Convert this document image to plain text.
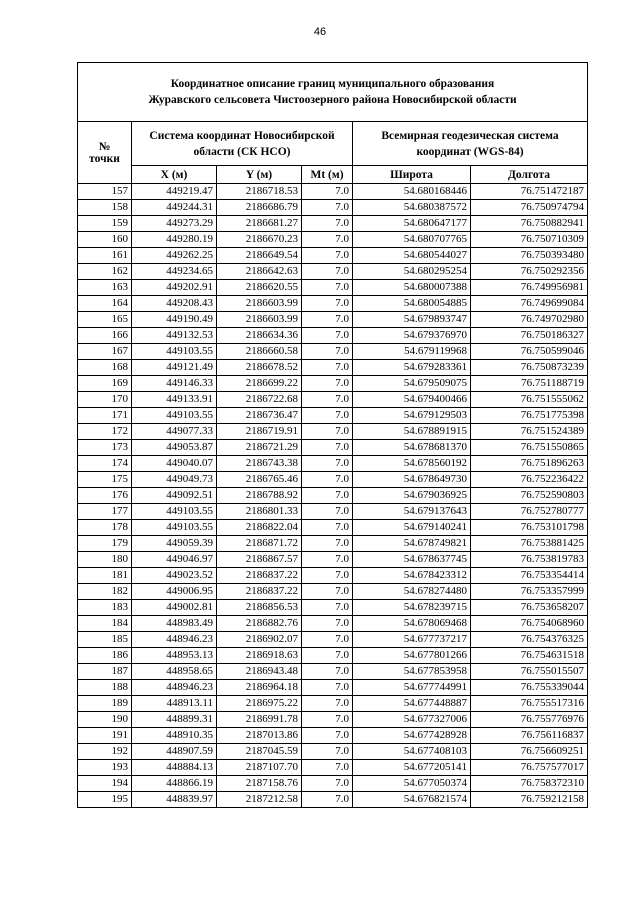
46
Координатное описание границ муниципального образования
Журавского сельсовета Чистоозерного района Новосибирской области					

№
точки	Система координат Новосибирской области (СК НСО)			Всемирная геодезическая система координат (WGS-84)	
	X (м)	Y (м)	Mt (м)	Широта	Долгота
157	449219.47	2186718.53	7.0	54.680168446	76.751472187
158	449244.31	2186686.79	7.0	54.680387572	76.750974794
159	449273.29	2186681.27	7.0	54.680647177	76.750882941
160	449280.19	2186670.23	7.0	54.680707765	76.750710309
161	449262.25	2186649.54	7.0	54.680544027	76.750393480
162	449234.65	2186642.63	7.0	54.680295254	76.750292356
163	449202.91	2186620.55	7.0	54.680007388	76.749956981
164	449208.43	2186603.99	7.0	54.680054885	76.749699084
165	449190.49	2186603.99	7.0	54.679893747	76.749702980
166	449132.53	2186634.36	7.0	54.679376970	76.750186327
167	449103.55	2186660.58	7.0	54.679119968	76.750599046
168	449121.49	2186678.52	7.0	54.679283361	76.750873239
169	449146.33	2186699.22	7.0	54.679509075	76.751188719
170	449133.91	2186722.68	7.0	54.679400466	76.751555062
171	449103.55	2186736.47	7.0	54.679129503	76.751775398
172	449077.33	2186719.91	7.0	54.678891915	76.751524389
173	449053.87	2186721.29	7.0	54.678681370	76.751550865
174	449040.07	2186743.38	7.0	54.678560192	76.751896263
175	449049.73	2186765.46	7.0	54.678649730	76.752236422
176	449092.51	2186788.92	7.0	54.679036925	76.752590803
177	449103.55	2186801.33	7.0	54.679137643	76.752780777
178	449103.55	2186822.04	7.0	54.679140241	76.753101798
179	449059.39	2186871.72	7.0	54.678749821	76.753881425
180	449046.97	2186867.57	7.0	54.678637745	76.753819783
181	449023.52	2186837.22	7.0	54.678423312	76.753354414
182	449006.95	2186837.22	7.0	54.678274480	76.753357999
183	449002.81	2186856.53	7.0	54.678239715	76.753658207
184	448983.49	2186882.76	7.0	54.678069468	76.754068960
185	448946.23	2186902.07	7.0	54.677737217	76.754376325
186	448953.13	2186918.63	7.0	54.677801266	76.754631518
187	448958.65	2186943.48	7.0	54.677853958	76.755015507
188	448946.23	2186964.18	7.0	54.677744991	76.755339044
189	448913.11	2186975.22	7.0	54.677448887	76.755517316
190	448899.31	2186991.78	7.0	54.677327006	76.755776976
191	448910.35	2187013.86	7.0	54.677428928	76.756116837
192	448907.59	2187045.59	7.0	54.677408103	76.756609251
193	448884.13	2187107.70	7.0	54.677205141	76.757577017
194	448866.19	2187158.76	7.0	54.677050374	76.758372310
195	448839.97	2187212.58	7.0	54.676821574	76.759212158
